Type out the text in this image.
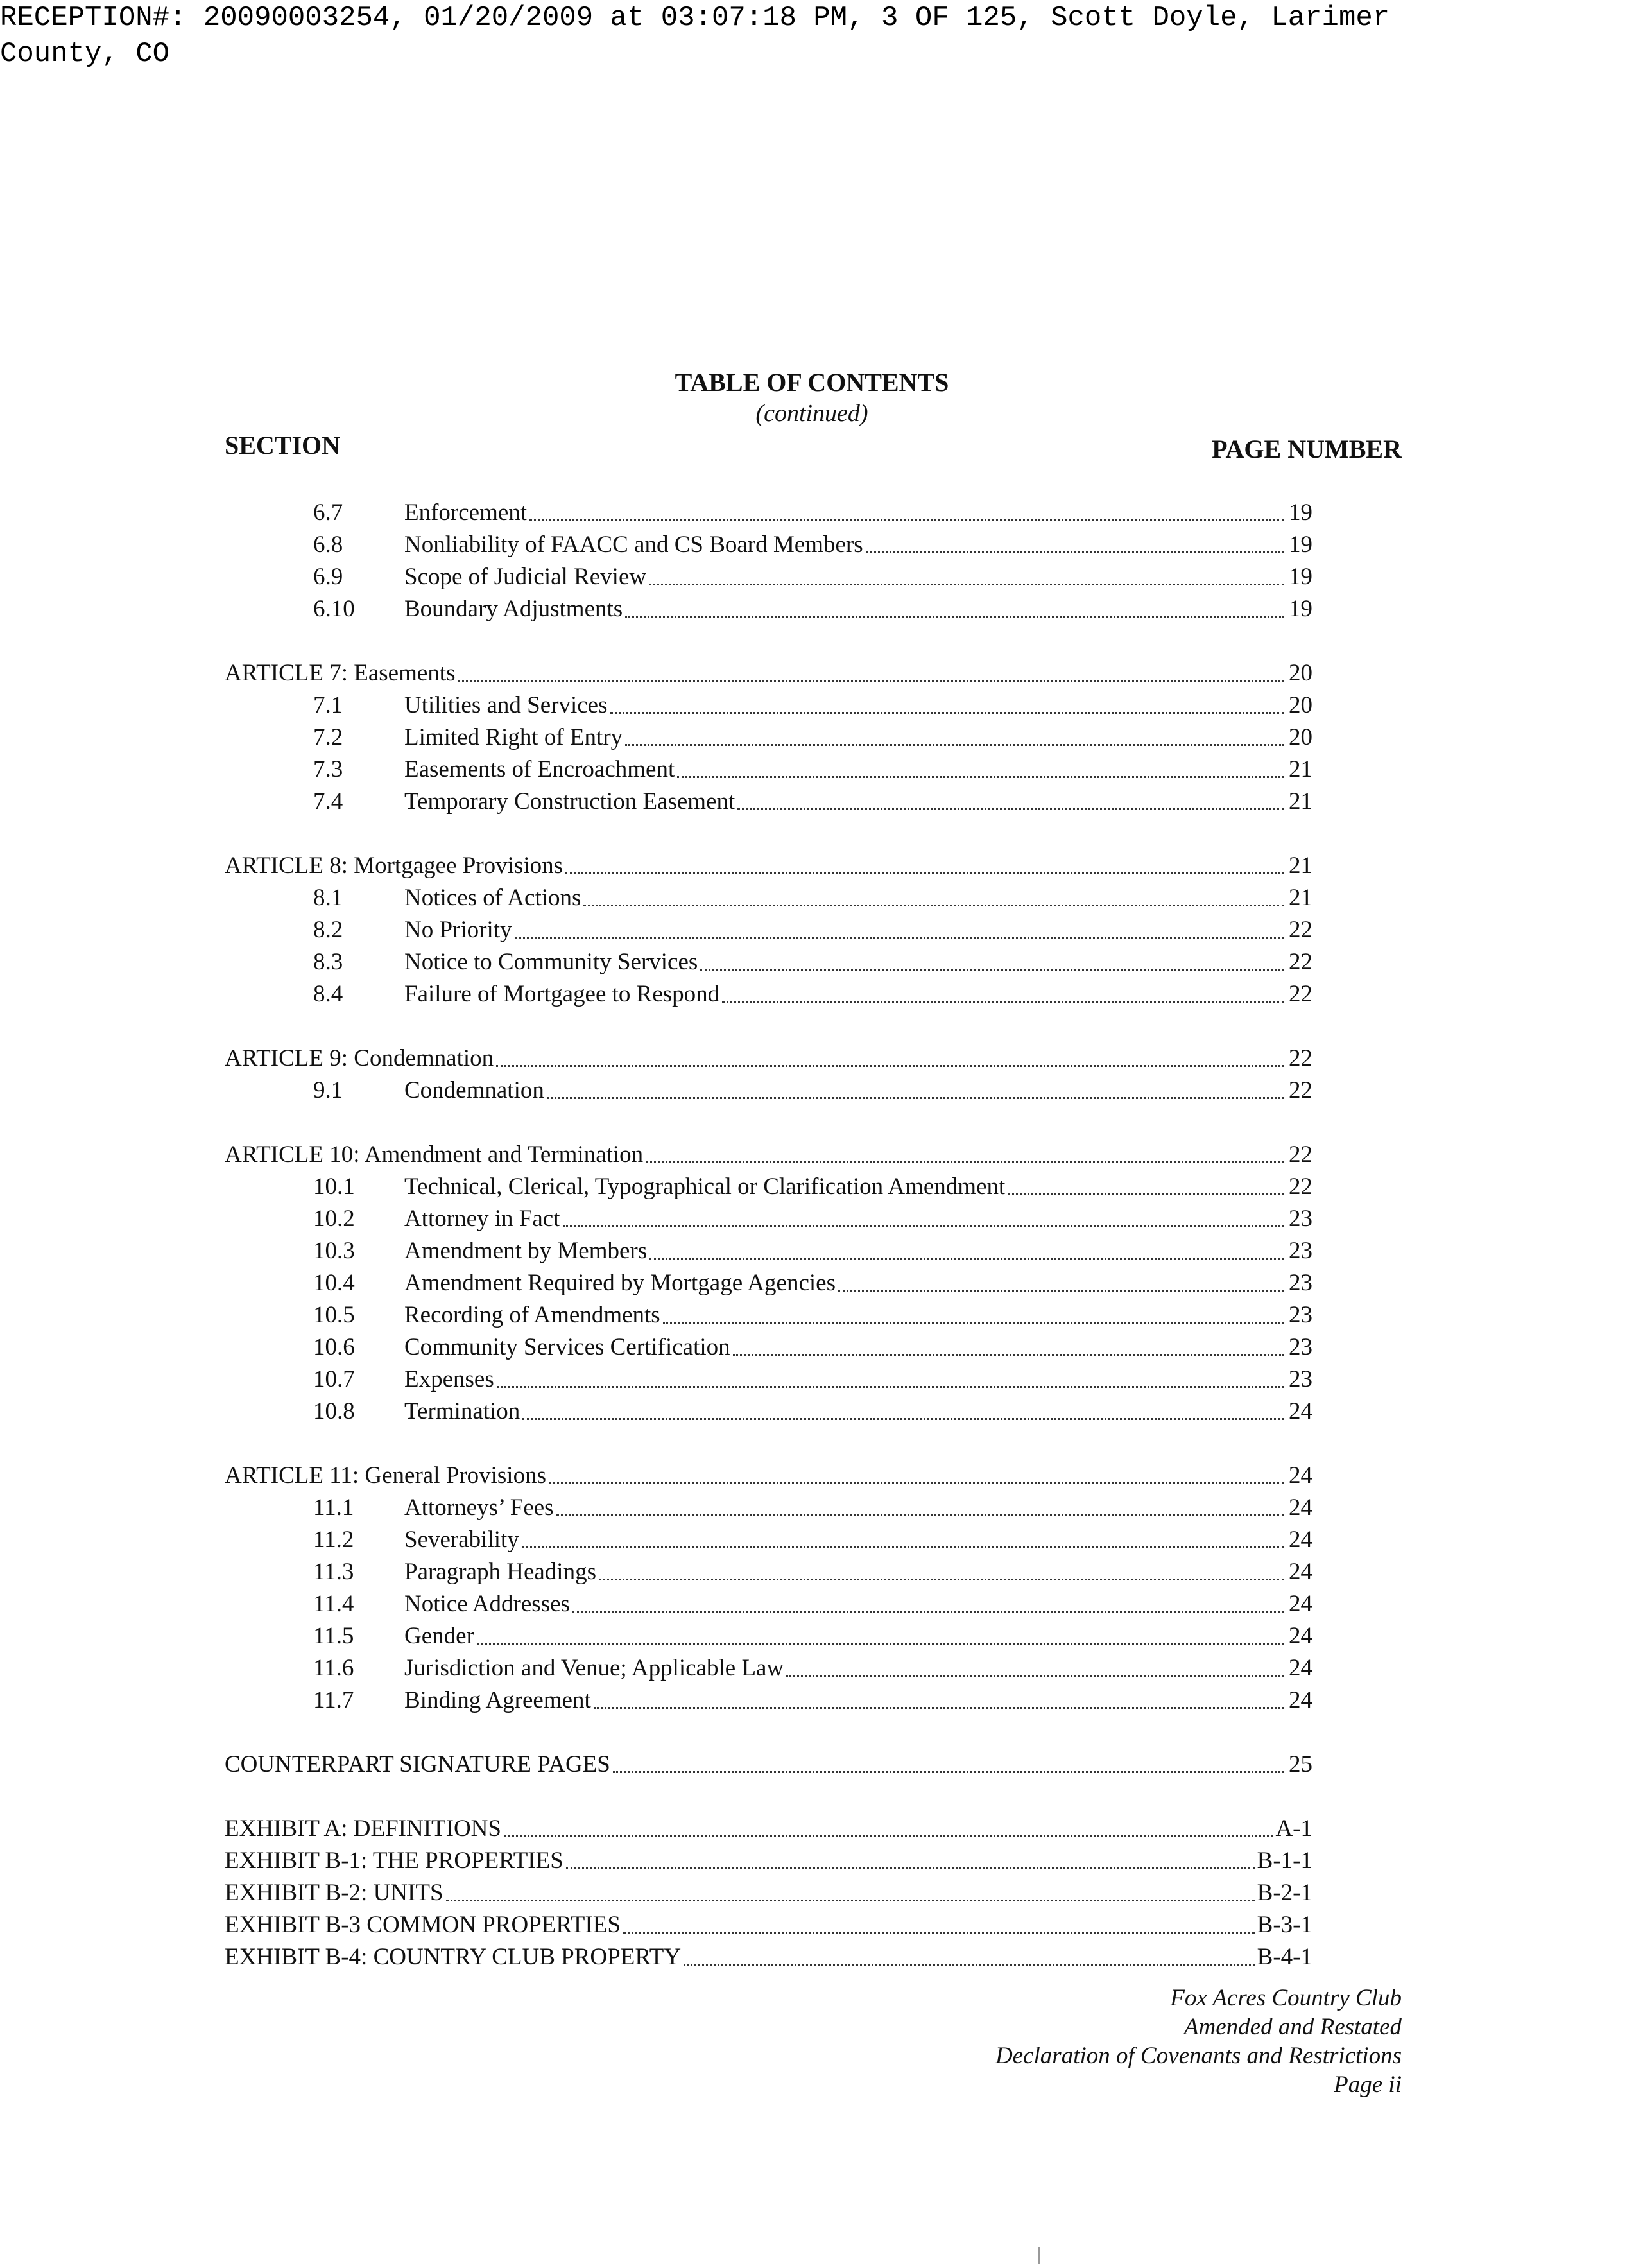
RECEPTION#: 20090003254, 01/20/2009 at 03:07:18 PM, 3 OF 125, Scott Doyle, Larimer County, CO
TABLE OF CONTENTS
(continued)
SECTION	PAGE NUMBER
6.7	Enforcement	19
6.8	Nonliability of FAACC and CS Board Members	19
6.9	Scope of Judicial Review	19
6.10	Boundary Adjustments	19
ARTICLE 7: Easements	20
7.1	Utilities and Services	20
7.2	Limited Right of Entry	20
7.3	Easements of Encroachment	21
7.4	Temporary Construction Easement	21
ARTICLE 8: Mortgagee Provisions	21
8.1	Notices of Actions	21
8.2	No Priority	22
8.3	Notice to Community Services	22
8.4	Failure of Mortgagee to Respond	22
ARTICLE 9: Condemnation	22
9.1	Condemnation	22
ARTICLE 10: Amendment and Termination	22
10.1	Technical, Clerical, Typographical or Clarification Amendment	22
10.2	Attorney in Fact	23
10.3	Amendment by Members	23
10.4	Amendment Required by Mortgage Agencies	23
10.5	Recording of Amendments	23
10.6	Community Services Certification	23
10.7	Expenses	23
10.8	Termination	24
ARTICLE 11: General Provisions	24
11.1	Attorneys’ Fees	24
11.2	Severability	24
11.3	Paragraph Headings	24
11.4	Notice Addresses	24
11.5	Gender	24
11.6	Jurisdiction and Venue; Applicable Law	24
11.7	Binding Agreement	24
COUNTERPART SIGNATURE PAGES	25
EXHIBIT A: DEFINITIONS	A-1
EXHIBIT B-1: THE PROPERTIES	B-1-1
EXHIBIT B-2: UNITS	B-2-1
EXHIBIT B-3 COMMON PROPERTIES	B-3-1
EXHIBIT B-4: COUNTRY CLUB PROPERTY	B-4-1
Fox Acres Country Club
Amended and Restated
Declaration of Covenants and Restrictions
Page ii
